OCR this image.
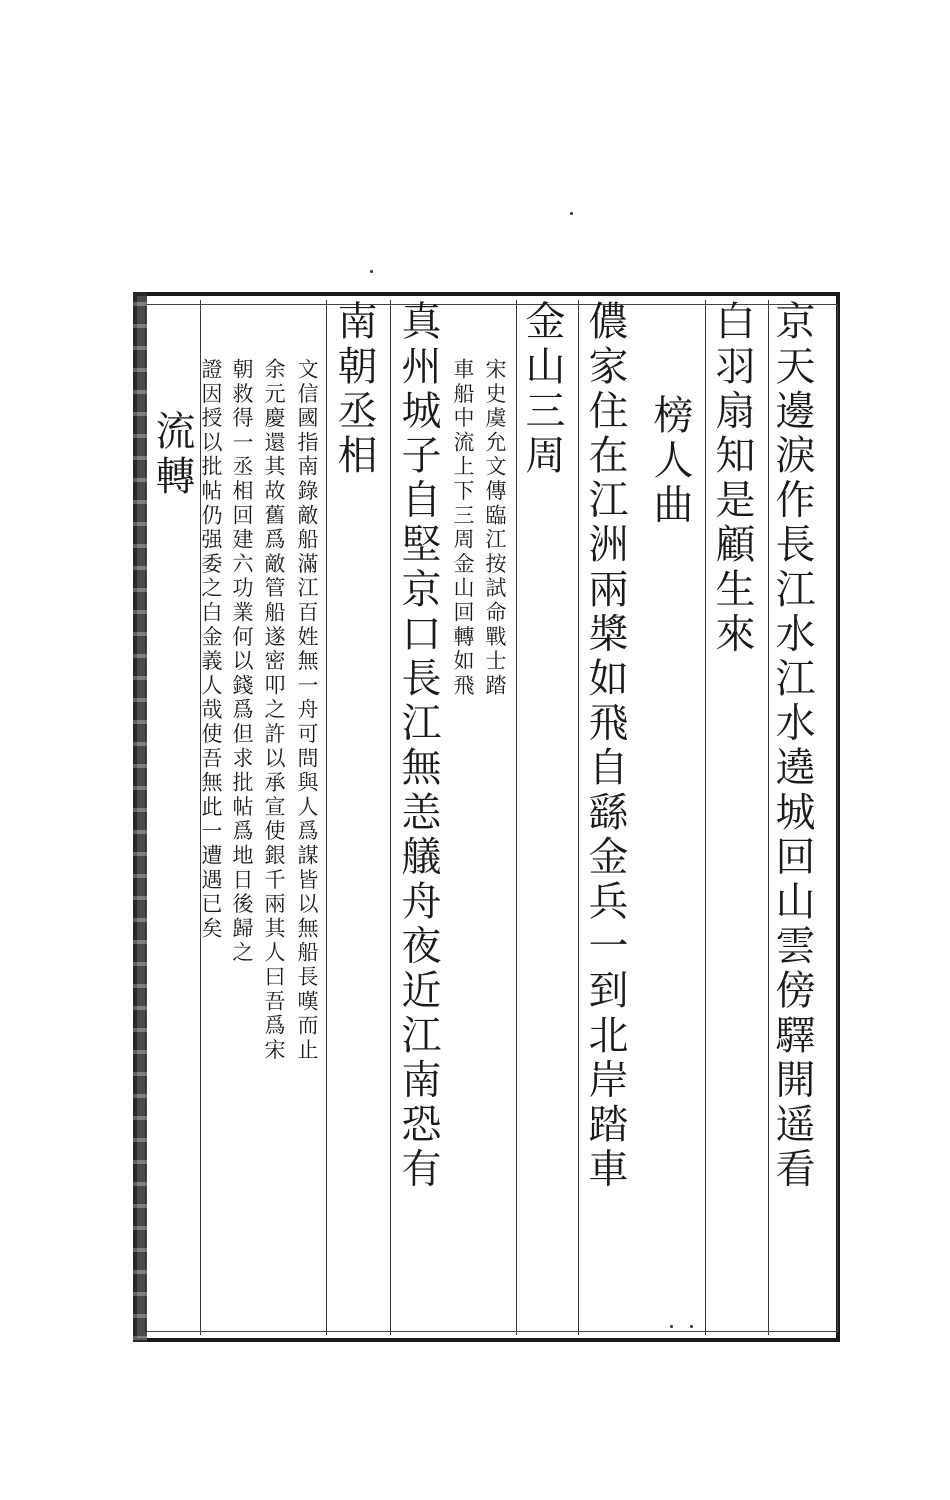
京天邊淚作長江水江水遶城回山雲傍驛開遥看
白羽扇知是顧生來
榜人曲
儂家住在江洲兩槳如飛自繇金兵一到北岸踏車
金山三周
宋史虞允文傳臨江按試命戰士踏
車船中流上下三周金山回轉如飛
真州城子自堅京口長江無恙艤舟夜近江南恐有
南朝丞相
文信國指南錄敵船滿江百姓無一舟可問與人爲謀皆以無船長嘆而止
余元慶還其故舊爲敵管船遂密叩之許以承宣使銀千兩其人曰吾爲宋
朝救得一丞相回建六功業何以錢爲但求批帖爲地日後歸之
證因授以批帖仍强委之白金義人哉使吾無此一遭遇已矣
流轉
